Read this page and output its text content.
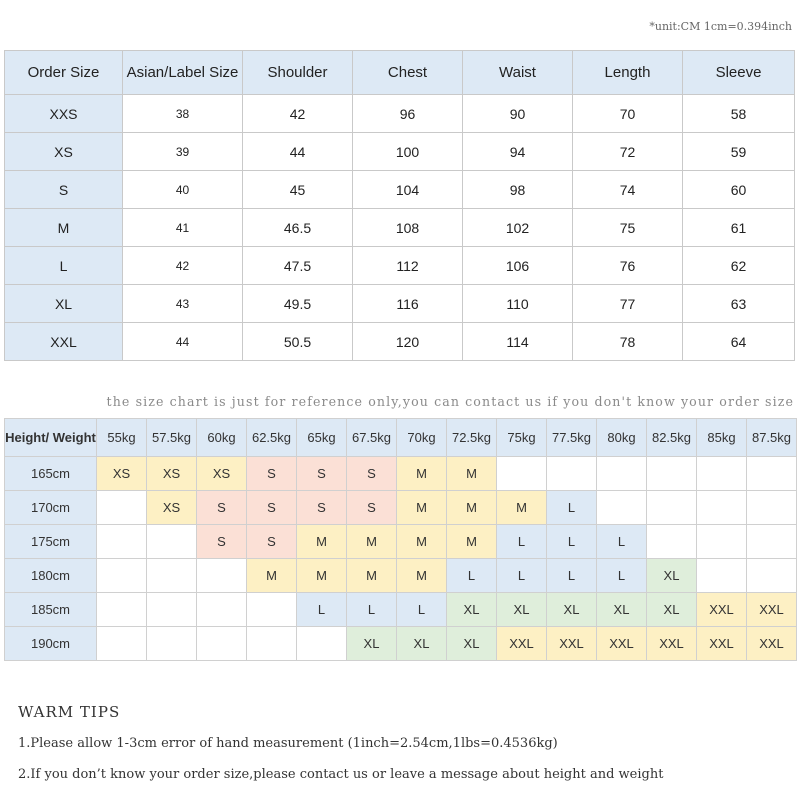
*unit:CM 1cm=0.394inch
Order Size	Asian/Label Size	Shoulder	Chest	Waist	Length	Sleeve
XXS	38	42	96	90	70	58
XS	39	44	100	94	72	59
S	40	45	104	98	74	60
M	41	46.5	108	102	75	61
L	42	47.5	112	106	76	62
XL	43	49.5	116	110	77	63
XXL	44	50.5	120	114	78	64
the size chart is just for reference only,you can contact us if you don't know your order size
Height/ Weight	55kg	57.5kg	60kg	62.5kg	65kg	67.5kg	70kg	72.5kg	75kg	77.5kg	80kg	82.5kg	85kg	87.5kg
165cm	XS	XS	XS	S	S	S	M	M						
170cm		XS	S	S	S	S	M	M	M	L				
175cm			S	S	M	M	M	M	L	L	L			
180cm				M	M	M	M	L	L	L	L	XL		
185cm					L	L	L	XL	XL	XL	XL	XL	XXL	XXL
190cm						XL	XL	XL	XXL	XXL	XXL	XXL	XXL	XXL
WARM TIPS
1.Please allow 1-3cm error of hand measurement (1inch=2.54cm,1lbs=0.4536kg)
2.If you don’t know your order size,please contact us or leave a message about height and weight
